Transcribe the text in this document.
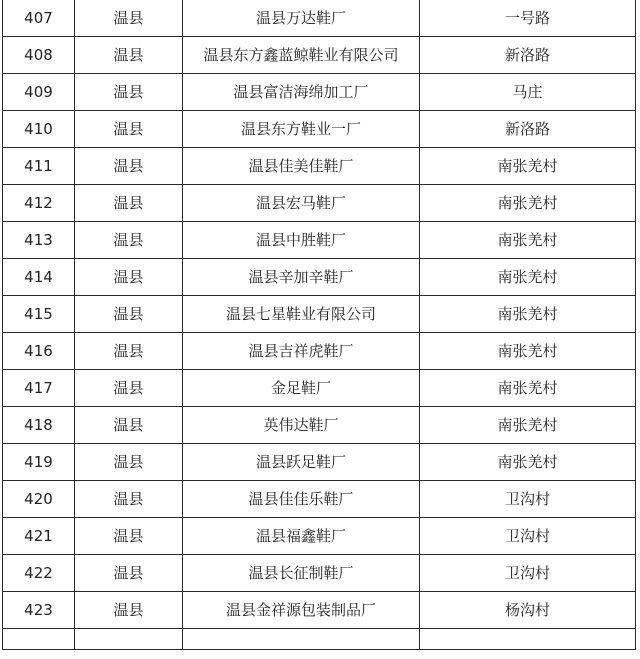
407	温县	温县万达鞋厂	一号路
408	温县	温县东方鑫蓝鲸鞋业有限公司	新洛路
409	温县	温县富洁海绵加工厂	马庄
410	温县	温县东方鞋业一厂	新洛路
411	温县	温县佳美佳鞋厂	南张羌村
412	温县	温县宏马鞋厂	南张羌村
413	温县	温县中胜鞋厂	南张羌村
414	温县	温县辛加辛鞋厂	南张羌村
415	温县	温县七星鞋业有限公司	南张羌村
416	温县	温县吉祥虎鞋厂	南张羌村
417	温县	金足鞋厂	南张羌村
418	温县	英伟达鞋厂	南张羌村
419	温县	温县跃足鞋厂	南张羌村
420	温县	温县佳佳乐鞋厂	卫沟村
421	温县	温县福鑫鞋厂	卫沟村
422	温县	温县长征制鞋厂	卫沟村
423	温县	温县金祥源包装制品厂	杨沟村
